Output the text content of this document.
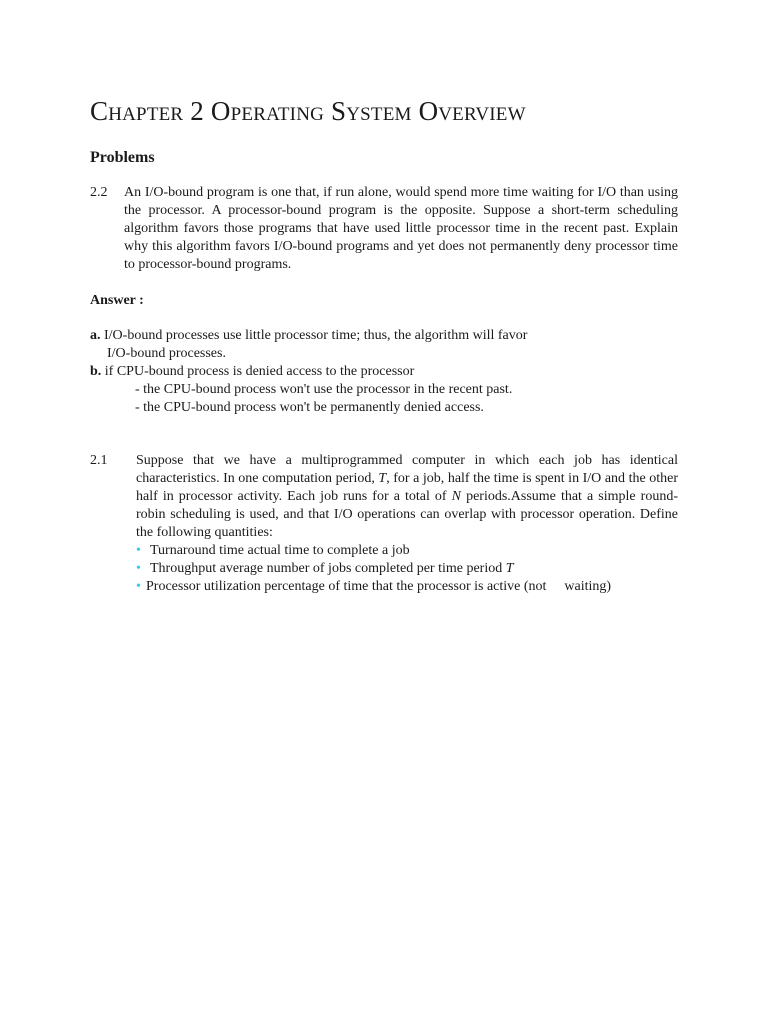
Chapter 2 Operating System Overview
Problems
2.2 An I/O-bound program is one that, if run alone, would spend more time waiting for I/O than using the processor. A processor-bound program is the opposite. Suppose a short-term scheduling algorithm favors those programs that have used little processor time in the recent past. Explain why this algorithm favors I/O-bound programs and yet does not permanently deny processor time to processor-bound programs.
Answer :
a. I/O-bound processes use little processor time; thus, the algorithm will favor
I/O-bound processes.
b. if CPU-bound process is denied access to the processor
- the CPU-bound process won't use the processor in the recent past.
- the CPU-bound process won't be permanently denied access.
2.1 Suppose that we have a multiprogrammed computer in which each job has identical characteristics. In one computation period, T, for a job, half the time is spent in I/O and the other half in processor activity. Each job runs for a total of N periods.Assume that a simple round-robin scheduling is used, and that I/O operations can overlap with processor operation. Define the following quantities:
• Turnaround time actual time to complete a job
• Throughput average number of jobs completed per time period T
• Processor utilization percentage of time that the processor is active (not waiting)
